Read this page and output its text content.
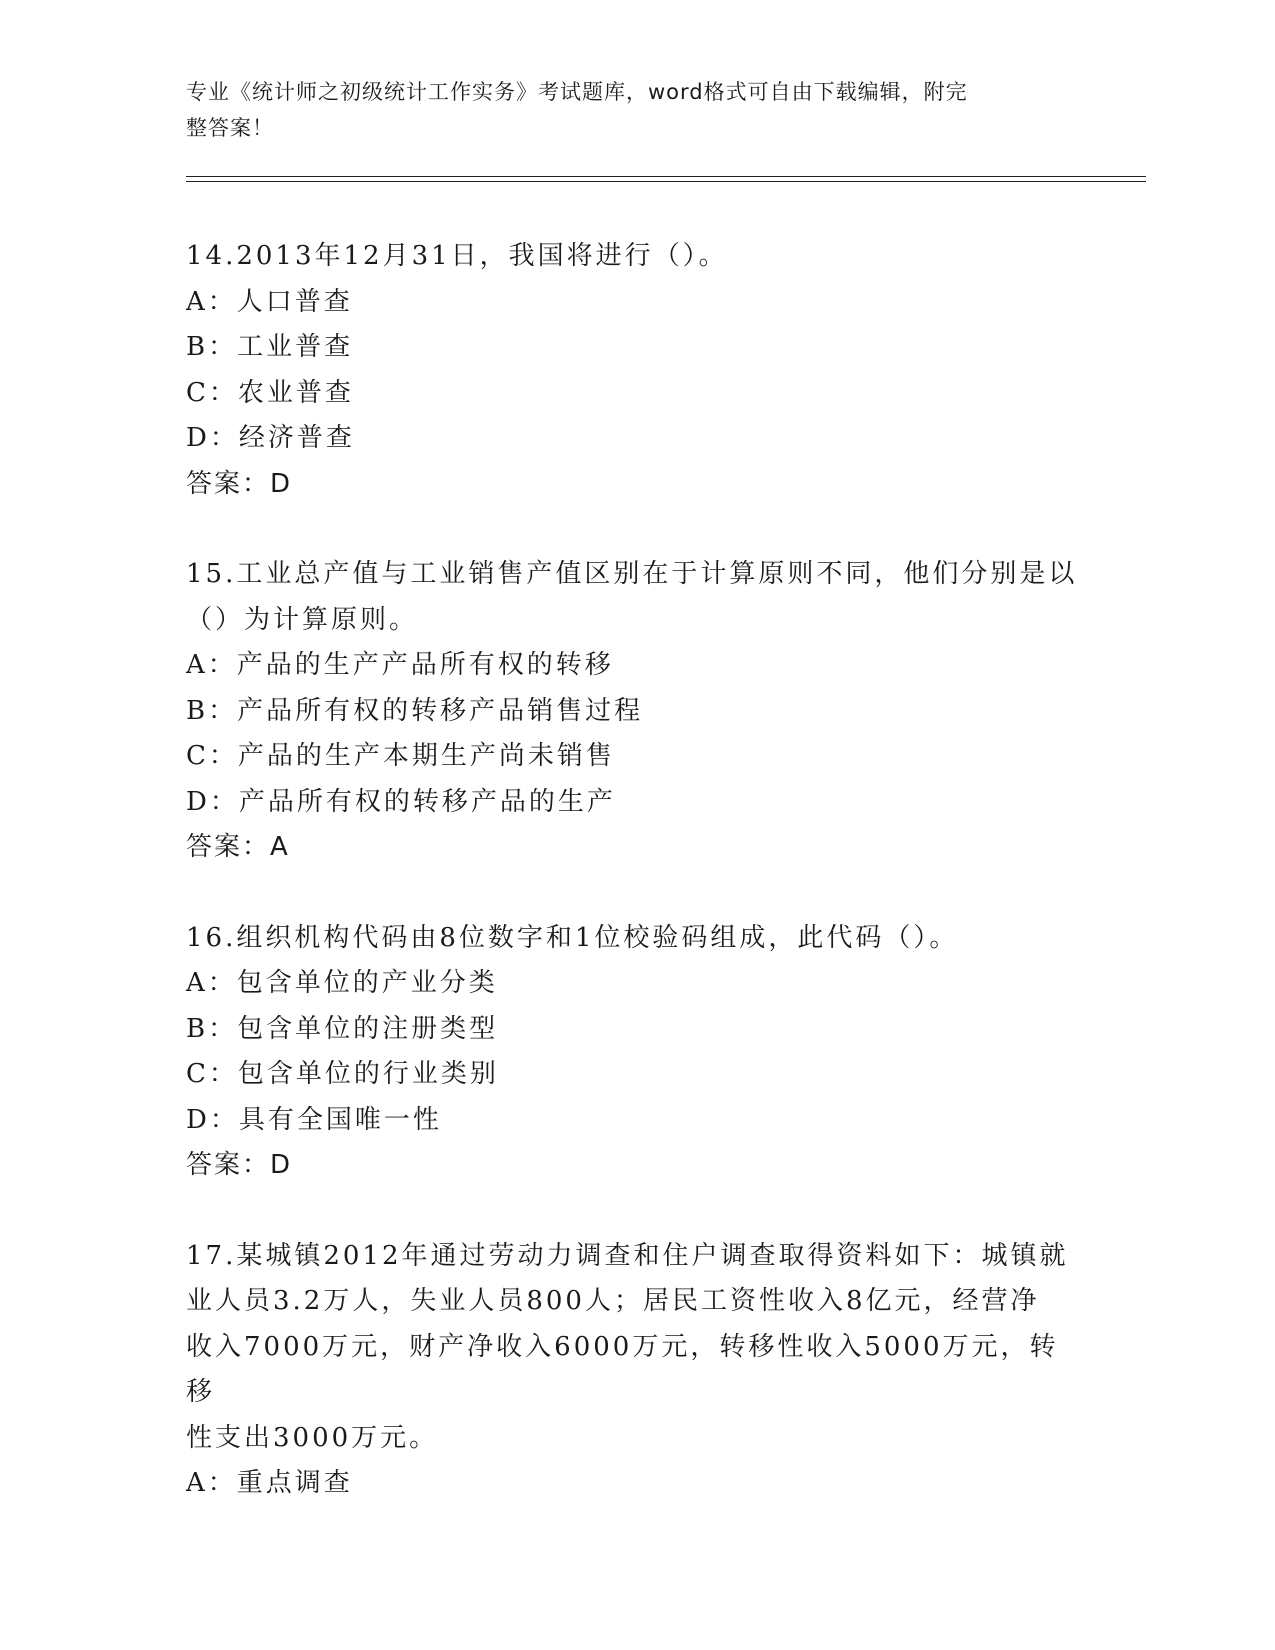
专业《统计师之初级统计工作实务》考试题库，word格式可自由下载编辑，附完
整答案！
14.2013年12月31日，我国将进行（）。
A：人口普查
B：工业普查
C：农业普查
D：经济普查
答案：D
15.工业总产值与工业销售产值区别在于计算原则不同，他们分别是以
（）为计算原则。
A：产品的生产产品所有权的转移
B：产品所有权的转移产品销售过程
C：产品的生产本期生产尚未销售
D：产品所有权的转移产品的生产
答案：A
16.组织机构代码由8位数字和1位校验码组成，此代码（）。
A：包含单位的产业分类
B：包含单位的注册类型
C：包含单位的行业类别
D：具有全国唯一性
答案：D
17.某城镇2012年通过劳动力调查和住户调查取得资料如下：城镇就
业人员3.2万人，失业人员800人；居民工资性收入8亿元，经营净
收入7000万元，财产净收入6000万元，转移性收入5000万元，转移
性支出3000万元。
A：重点调查
